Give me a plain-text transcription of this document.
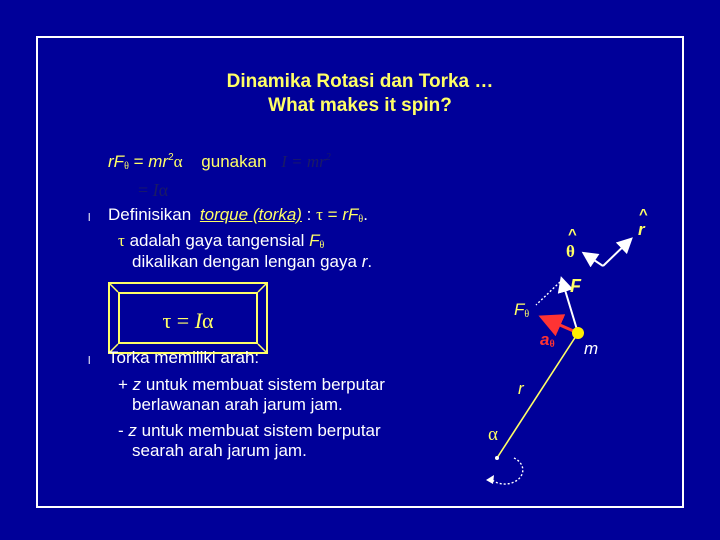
Dinamika Rotasi dan Torka …
What makes it spin?
$rF_\theta = mr^2\alpha$ gunakan $I = mr^2$
= Iα
l Definisikan torque (torka) : $\tau = rF_\theta$.
τ adalah gaya tangensial $F_\theta$
dikalikan dengan lengan gaya r.
τ = Iα
l Torka memiliki arah:
+ z untuk membuat sistem berputar
berlawanan arah jarum jam.
- z untuk membuat sistem berputar
searah arah jarum jam.
^
r
^
θ
F
$F_\theta$
$a_\theta$ m
r
α
